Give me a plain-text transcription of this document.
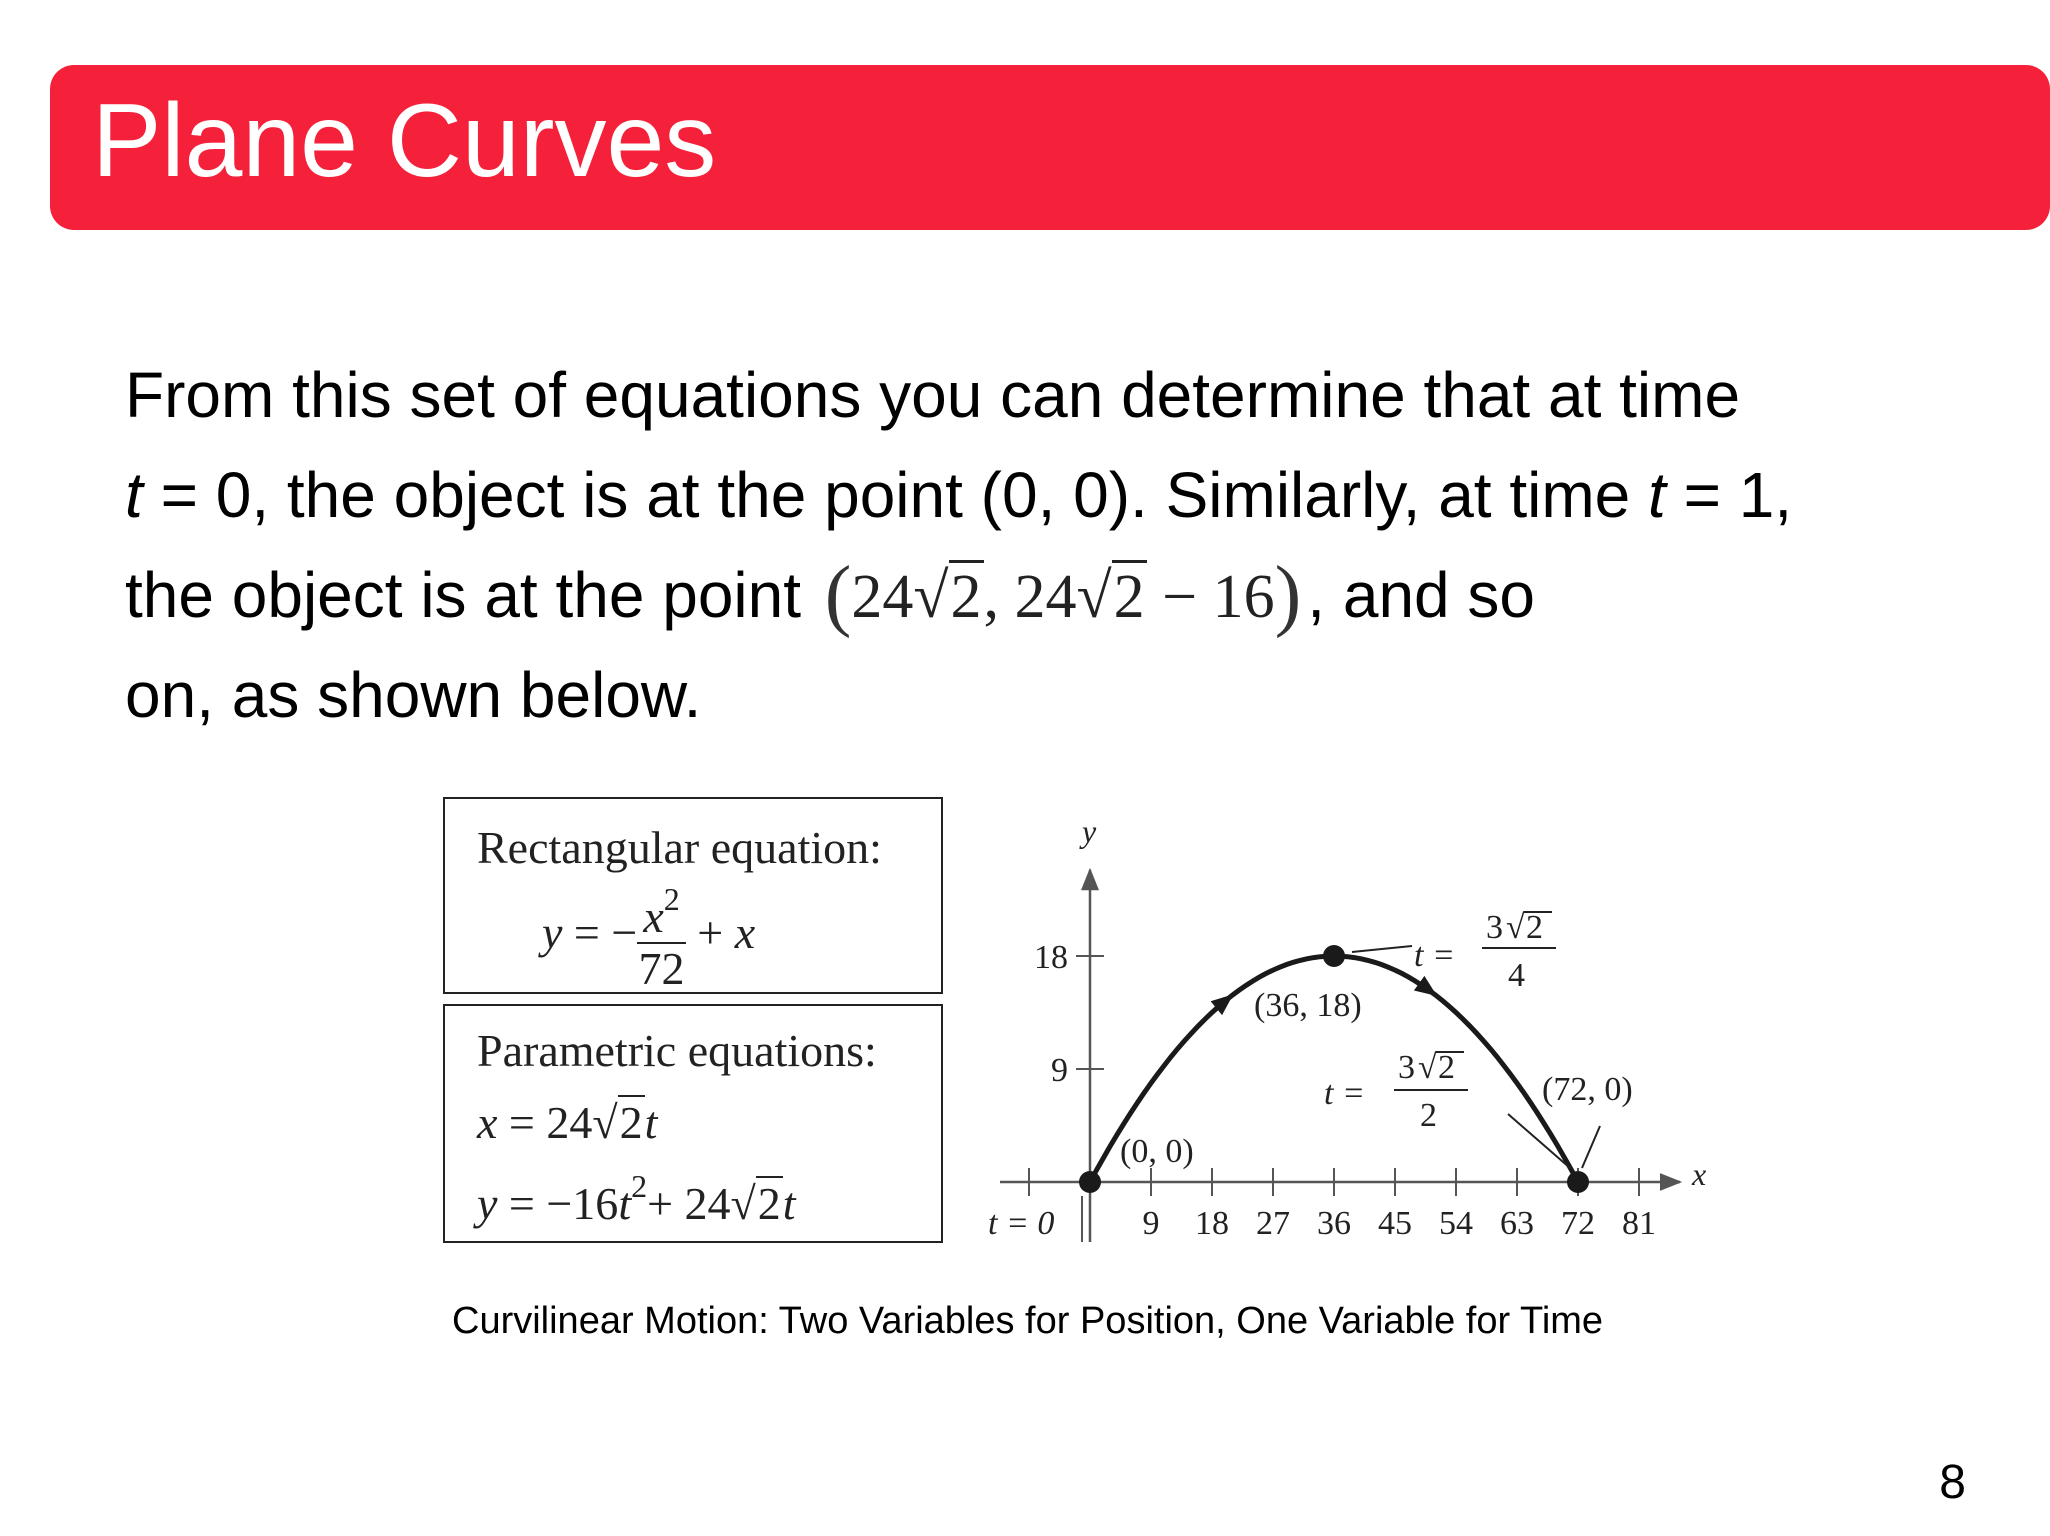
Plane Curves
From this set of equations you can determine that at time
t = 0, the object is at the point (0, 0). Similarly, at time t = 1,
the object is at the point (24√2, 24√2 − 16), and so
on, as shown below.
Rectangular equation:
y = − $\frac{x^2}{72} + x$
Parametric equations:
x = 24√2t
$y = -16t^2+ 24√2t$
x
y
9 18 27 36 45 54 63 72 81
9
18
(0, 0)
(36, 18)
(72, 0)
t = 0
t =
3 √ 2
4
t =
3 √ 2
2
Curvilinear Motion: Two Variables for Position, One Variable for Time
8
